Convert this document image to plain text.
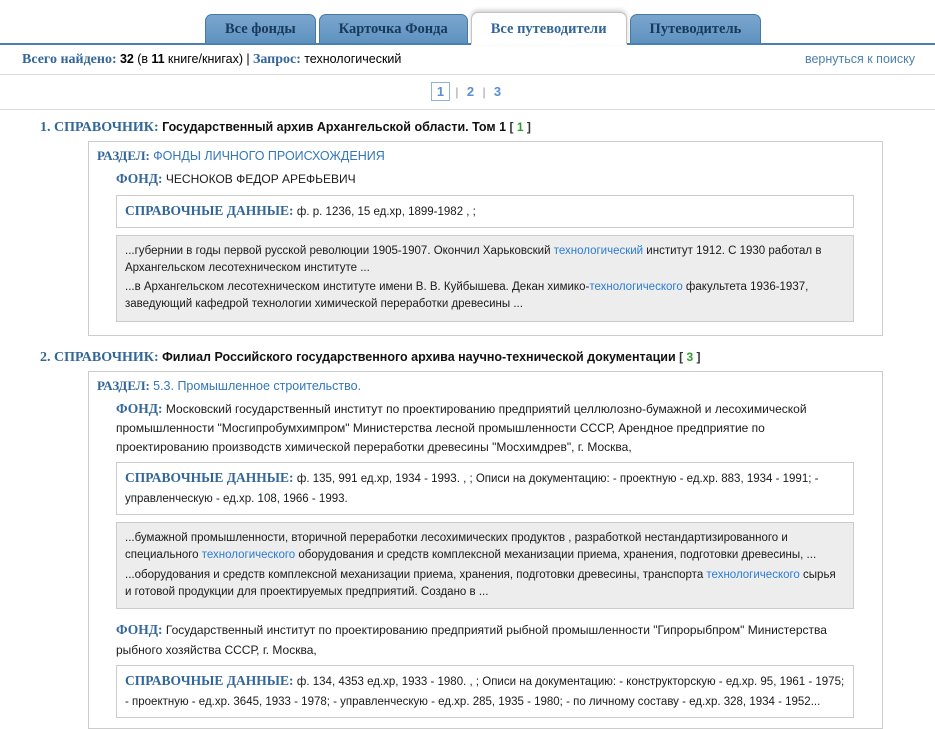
Все фонды	Карточка Фонда	Все путеводители	Путеводитель
Всего найдено: 32 (в 11 книге/книгах) | Запрос: технологический	вернуться к поиску
1 | 2 | 3
1. СПРАВОЧНИК: Государственный архив Архангельской области. Том 1 [ 1 ]
РАЗДЕЛ: ФОНДЫ ЛИЧНОГО ПРОИСХОЖДЕНИЯ
ФОНД: ЧЕСНОКОВ ФЕДОР АРЕФЬЕВИЧ
СПРАВОЧНЫЕ ДАННЫЕ: ф. р. 1236, 15 ед.хр, 1899-1982 , ;
...губернии в годы первой русской революции 1905-1907. Окончил Харьковский технологический институт 1912. С 1930 работал в Архангельском лесотехническом институте ...
...в Архангельском лесотехническом институте имени В. В. Куйбышева. Декан химико-технологического факультета 1936-1937, заведующий кафедрой технологии химической переработки древесины ...
2. СПРАВОЧНИК: Филиал Российского государственного архива научно-технической документации [ 3 ]
РАЗДЕЛ: 5.3. Промышленное строительство.
ФОНД: Московский государственный институт по проектированию предприятий целлюлозно-бумажной и лесохимической промышленности "Мосгипробумхимпром" Министерства лесной промышленности СССР, Арендное предприятие по проектированию производств химической переработки древесины "Мосхимдрев", г. Москва,
СПРАВОЧНЫЕ ДАННЫЕ: ф. 135, 991 ед.хр, 1934 - 1993. , ; Описи на документацию: - проектную - ед.хр. 883, 1934 - 1991; - управленческую - ед.хр. 108, 1966 - 1993.
...бумажной промышленности, вторичной переработки лесохимических продуктов , разработкой нестандартизированного и специального технологического оборудования и средств комплексной механизации приема, хранения, подготовки древесины, ...
...оборудования и средств комплексной механизации приема, хранения, подготовки древесины, транспорта технологического сырья и готовой продукции для проектируемых предприятий. Создано в ...
ФОНД: Государственный институт по проектированию предприятий рыбной промышленности "Гипрорыбпром" Министерства рыбного хозяйства СССР, г. Москва,
СПРАВОЧНЫЕ ДАННЫЕ: ф. 134, 4353 ед.хр, 1933 - 1980. , ; Описи на документацию: - конструкторскую - ед.хр. 95, 1961 - 1975; - проектную - ед.хр. 3645, 1933 - 1978; - управленческую - ед.хр. 285, 1935 - 1980; - по личному составу - ед.хр. 328, 1934 - 1952...
